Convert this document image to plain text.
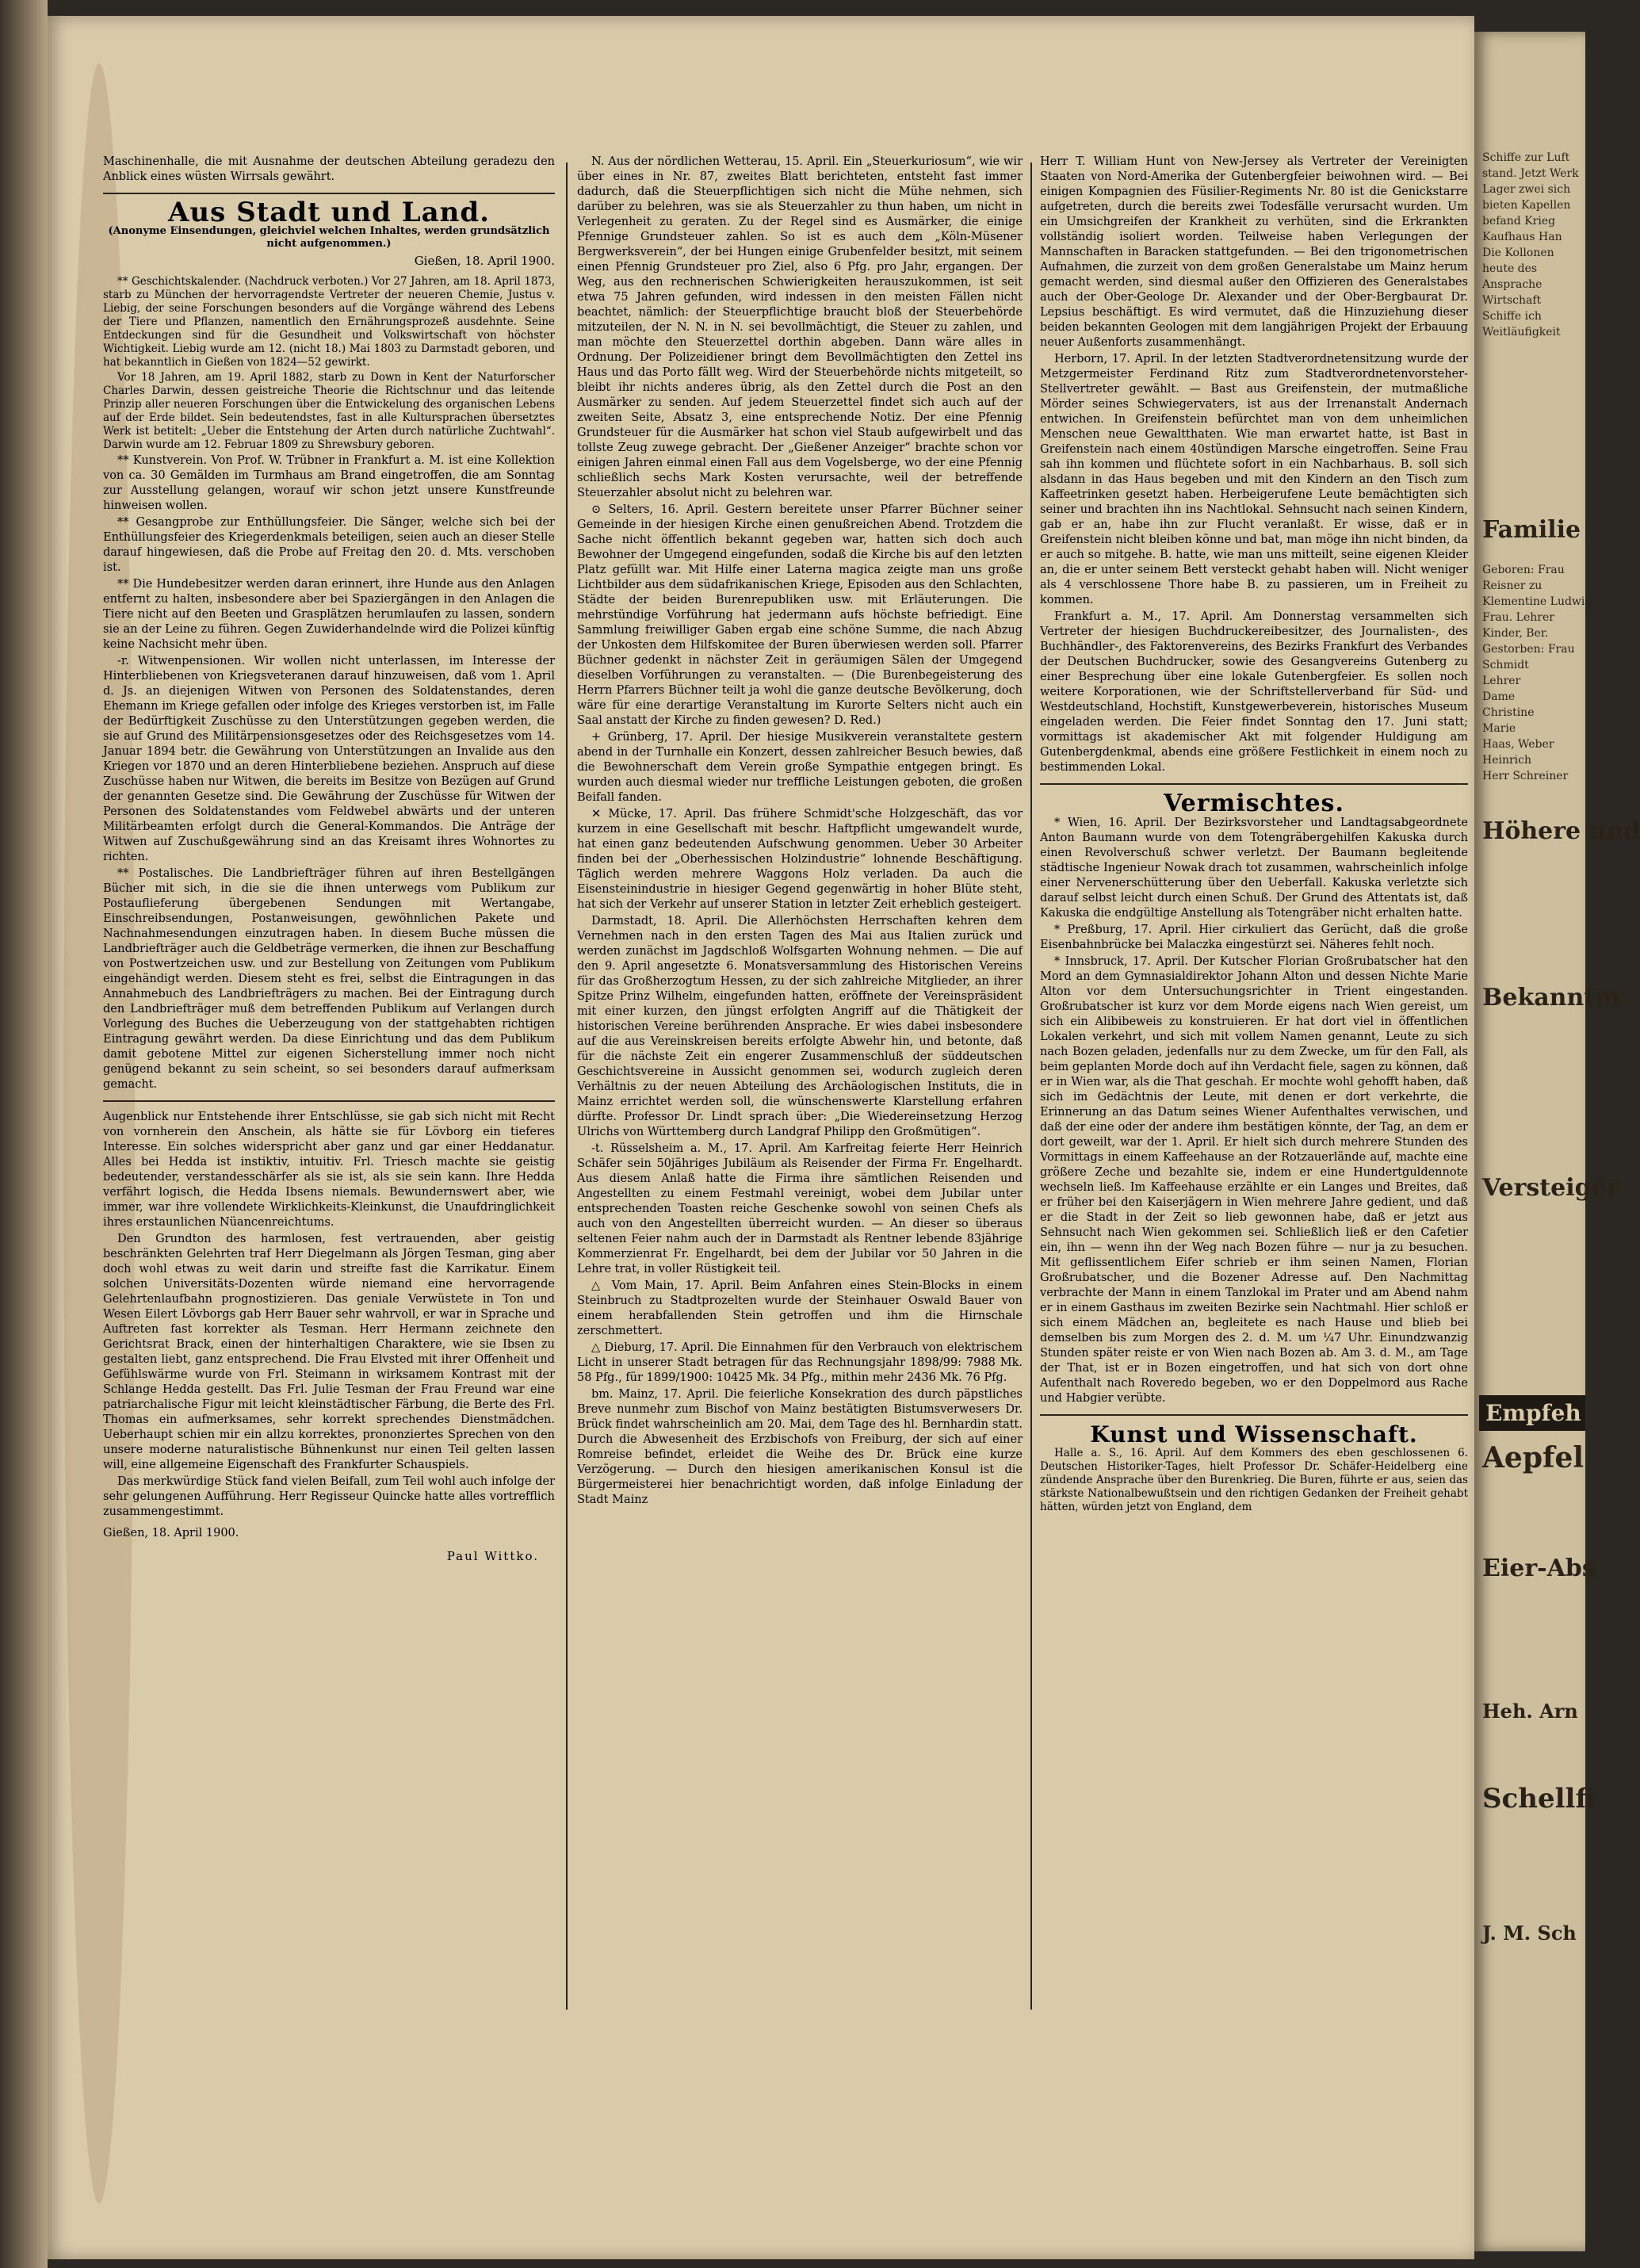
Maschinenhalle, die mit Ausnahme der deutschen Abteilung geradezu den Anblick eines wüsten Wirrsals gewährt.

Aus Stadt und Land.
(Anonyme Einsendungen, gleichviel welchen Inhaltes, werden grundsätzlich nicht aufgenommen.)
Gießen, 18. April 1900.

** Geschichtskalender. (Nachdruck verboten.) Vor 27 Jahren, am 18. April 1873, starb zu München der hervorragendste Vertreter der neueren Chemie, Justus v. Liebig, der seine Forschungen besonders auf die Vorgänge während des Lebens der Tiere und Pflanzen, namentlich den Ernährungsprozeß ausdehnte. Seine Entdeckungen sind für die Gesundheit und Volkswirtschaft von höchster Wichtigkeit. Liebig wurde am 12. (nicht 18.) Mai 1803 zu Darmstadt geboren, und hat bekanntlich in Gießen von 1824—52 gewirkt.

Vor 18 Jahren, am 19. April 1882, starb zu Down in Kent der Naturforscher Charles Darwin, dessen geistreiche Theorie die Richtschnur und das leitende Prinzip aller neueren Forschungen über die Entwickelung des organischen Lebens auf der Erde bildet. Sein bedeutendstes, fast in alle Kultursprachen übersetztes Werk ist betitelt: „Ueber die Entstehung der Arten durch natürliche Zuchtwahl“. Darwin wurde am 12. Februar 1809 zu Shrewsbury geboren.

** Kunstverein. Von Prof. W. Trübner in Frankfurt a. M. ist eine Kollektion von ca. 30 Gemälden im Turmhaus am Brand eingetroffen, die am Sonntag zur Ausstellung gelangen, worauf wir schon jetzt unsere Kunstfreunde hinweisen wollen.

** Gesangprobe zur Enthüllungsfeier. Die Sänger, welche sich bei der Enthüllungsfeier des Kriegerdenkmals beteiligen, seien auch an dieser Stelle darauf hingewiesen, daß die Probe auf Freitag den 20. d. Mts. verschoben ist.

** Die Hundebesitzer werden daran erinnert, ihre Hunde aus den Anlagen entfernt zu halten, insbesondere aber bei Spaziergängen in den Anlagen die Tiere nicht auf den Beeten und Grasplätzen herumlaufen zu lassen, sondern sie an der Leine zu führen. Gegen Zuwiderhandelnde wird die Polizei künftig keine Nachsicht mehr üben.

-r. Witwenpensionen. Wir wollen nicht unterlassen, im Interesse der Hinterbliebenen von Kriegsveteranen darauf hinzuweisen, daß vom 1. April d. Js. an diejenigen Witwen von Personen des Soldatenstandes, deren Ehemann im Kriege gefallen oder infolge des Krieges verstorben ist, im Falle der Bedürftigkeit Zuschüsse zu den Unterstützungen gegeben werden, die sie auf Grund des Militärpensionsgesetzes oder des Reichsgesetzes vom 14. Januar 1894 betr. die Gewährung von Unterstützungen an Invalide aus den Kriegen vor 1870 und an deren Hinterbliebene beziehen. Anspruch auf diese Zuschüsse haben nur Witwen, die bereits im Besitze von Bezügen auf Grund der genannten Gesetze sind. Die Gewährung der Zuschüsse für Witwen der Personen des Soldatenstandes vom Feldwebel abwärts und der unteren Militärbeamten erfolgt durch die General-Kommandos. Die Anträge der Witwen auf Zuschußgewährung sind an das Kreisamt ihres Wohnortes zu richten.

** Postalisches. Die Landbriefträger führen auf ihren Bestellgängen Bücher mit sich, in die sie die ihnen unterwegs vom Publikum zur Postauflieferung übergebenen Sendungen mit Wertangabe, Einschreibsendungen, Postanweisungen, gewöhnlichen Pakete und Nachnahmesendungen einzutragen haben. In diesem Buche müssen die Landbriefträger auch die Geldbeträge vermerken, die ihnen zur Beschaffung von Postwertzeichen usw. und zur Bestellung von Zeitungen vom Publikum eingehändigt werden. Diesem steht es frei, selbst die Eintragungen in das Annahmebuch des Landbriefträgers zu machen. Bei der Eintragung durch den Landbriefträger muß dem betreffenden Publikum auf Verlangen durch Vorlegung des Buches die Ueberzeugung von der stattgehabten richtigen Eintragung gewährt werden. Da diese Einrichtung und das dem Publikum damit gebotene Mittel zur eigenen Sicherstellung immer noch nicht genügend bekannt zu sein scheint, so sei besonders darauf aufmerksam gemacht.

Augenblick nur Entstehende ihrer Entschlüsse, sie gab sich nicht mit Recht von vornherein den Anschein, als hätte sie für Lövborg ein tieferes Interesse. Ein solches widerspricht aber ganz und gar einer Heddanatur. Alles bei Hedda ist instiktiv, intuitiv. Frl. Triesch machte sie geistig bedeutender, verstandesschärfer als sie ist, als sie sein kann. Ihre Hedda verfährt logisch, die Hedda Ibsens niemals. Bewundernswert aber, wie immer, war ihre vollendete Wirklichkeits-Kleinkunst, die Unaufdringlichkeit ihres erstaunlichen Nüancenreichtums.

Den Grundton des harmlosen, fest vertrauenden, aber geistig beschränkten Gelehrten traf Herr Diegelmann als Jörgen Tesman, ging aber doch wohl etwas zu weit darin und streifte fast die Karrikatur. Einem solchen Universitäts-Dozenten würde niemand eine hervorragende Gelehrtenlaufbahn prognostizieren. Das geniale Verwüstete in Ton und Wesen Eilert Lövborgs gab Herr Bauer sehr wahrvoll, er war in Sprache und Auftreten fast korrekter als Tesman. Herr Hermann zeichnete den Gerichtsrat Brack, einen der hinterhaltigen Charaktere, wie sie Ibsen zu gestalten liebt, ganz entsprechend. Die Frau Elvsted mit ihrer Offenheit und Gefühlswärme wurde von Frl. Steimann in wirksamem Kontrast mit der Schlange Hedda gestellt. Das Frl. Julie Tesman der Frau Freund war eine patriarchalische Figur mit leicht kleinstädtischer Färbung, die Berte des Frl. Thomas ein aufmerksames, sehr korrekt sprechendes Dienstmädchen. Ueberhaupt schien mir ein allzu korrektes, prononziertes Sprechen von den unsere moderne naturalistische Bühnenkunst nur einen Teil gelten lassen will, eine allgemeine Eigenschaft des Frankfurter Schauspiels.

Das merkwürdige Stück fand vielen Beifall, zum Teil wohl auch infolge der sehr gelungenen Aufführung. Herr Regisseur Quincke hatte alles vortrefflich zusammengestimmt.

Gießen, 18. April 1900.
Paul Wittko.

N. Aus der nördlichen Wetterau, 15. April. Ein „Steuerkuriosum“, wie wir über eines in Nr. 87, zweites Blatt berichteten, entsteht fast immer dadurch, daß die Steuerpflichtigen sich nicht die Mühe nehmen, sich darüber zu belehren, was sie als Steuerzahler zu thun haben, um nicht in Verlegenheit zu geraten. Zu der Regel sind es Ausmärker, die einige Pfennige Grundsteuer zahlen. So ist es auch dem „Köln-Müsener Bergwerksverein“, der bei Hungen einige Grubenfelder besitzt, mit seinem einen Pfennig Grundsteuer pro Ziel, also 6 Pfg. pro Jahr, ergangen. Der Weg, aus den rechnerischen Schwierigkeiten herauszukommen, ist seit etwa 75 Jahren gefunden, wird indessen in den meisten Fällen nicht beachtet, nämlich: der Steuerpflichtige braucht bloß der Steuerbehörde mitzuteilen, der N. N. in N. sei bevollmächtigt, die Steuer zu zahlen, und man möchte den Steuerzettel dorthin abgeben. Dann wäre alles in Ordnung. Der Polizeidiener bringt dem Bevollmächtigten den Zettel ins Haus und das Porto fällt weg. Wird der Steuerbehörde nichts mitgeteilt, so bleibt ihr nichts anderes übrig, als den Zettel durch die Post an den Ausmärker zu senden. Auf jedem Steuerzettel findet sich auch auf der zweiten Seite, Absatz 3, eine entsprechende Notiz. Der eine Pfennig Grundsteuer für die Ausmärker hat schon viel Staub aufgewirbelt und das tollste Zeug zuwege gebracht. Der „Gießener Anzeiger“ brachte schon vor einigen Jahren einmal einen Fall aus dem Vogelsberge, wo der eine Pfennig schließlich sechs Mark Kosten verursachte, weil der betreffende Steuerzahler absolut nicht zu belehren war.

⊙ Selters, 16. April. Gestern bereitete unser Pfarrer Büchner seiner Gemeinde in der hiesigen Kirche einen genußreichen Abend. Trotzdem die Sache nicht öffentlich bekannt gegeben war, hatten sich doch auch Bewohner der Umgegend eingefunden, sodaß die Kirche bis auf den letzten Platz gefüllt war. Mit Hilfe einer Laterna magica zeigte man uns große Lichtbilder aus dem südafrikanischen Kriege, Episoden aus den Schlachten, Städte der beiden Burenrepubliken usw. mit Erläuterungen. Die mehrstündige Vorführung hat jedermann aufs höchste befriedigt. Eine Sammlung freiwilliger Gaben ergab eine schöne Summe, die nach Abzug der Unkosten dem Hilfskomitee der Buren überwiesen werden soll. Pfarrer Büchner gedenkt in nächster Zeit in geräumigen Sälen der Umgegend dieselben Vorführungen zu veranstalten. — (Die Burenbegeisterung des Herrn Pfarrers Büchner teilt ja wohl die ganze deutsche Bevölkerung, doch wäre für eine derartige Veranstaltung im Kurorte Selters nicht auch ein Saal anstatt der Kirche zu finden gewesen? D. Red.)

+ Grünberg, 17. April. Der hiesige Musikverein veranstaltete gestern abend in der Turnhalle ein Konzert, dessen zahlreicher Besuch bewies, daß die Bewohnerschaft dem Verein große Sympathie entgegen bringt. Es wurden auch diesmal wieder nur treffliche Leistungen geboten, die großen Beifall fanden.

✕ Mücke, 17. April. Das frühere Schmidt'sche Holzgeschäft, das vor kurzem in eine Gesellschaft mit beschr. Haftpflicht umgewandelt wurde, hat einen ganz bedeutenden Aufschwung genommen. Ueber 30 Arbeiter finden bei der „Oberhessischen Holzindustrie“ lohnende Beschäftigung. Täglich werden mehrere Waggons Holz verladen. Da auch die Eisensteinindustrie in hiesiger Gegend gegenwärtig in hoher Blüte steht, hat sich der Verkehr auf unserer Station in letzter Zeit erheblich gesteigert.

Darmstadt, 18. April. Die Allerhöchsten Herrschaften kehren dem Vernehmen nach in den ersten Tagen des Mai aus Italien zurück und werden zunächst im Jagdschloß Wolfsgarten Wohnung nehmen. — Die auf den 9. April angesetzte 6. Monatsversammlung des Historischen Vereins für das Großherzogtum Hessen, zu der sich zahlreiche Mitglieder, an ihrer Spitze Prinz Wilhelm, eingefunden hatten, eröffnete der Vereinspräsident mit einer kurzen, den jüngst erfolgten Angriff auf die Thätigkeit der historischen Vereine berührenden Ansprache. Er wies dabei insbesondere auf die aus Vereinskreisen bereits erfolgte Abwehr hin, und betonte, daß für die nächste Zeit ein engerer Zusammenschluß der süddeutschen Geschichtsvereine in Aussicht genommen sei, wodurch zugleich deren Verhältnis zu der neuen Abteilung des Archäologischen Instituts, die in Mainz errichtet werden soll, die wünschenswerte Klarstellung erfahren dürfte. Professor Dr. Lindt sprach über: „Die Wiedereinsetzung Herzog Ulrichs von Württemberg durch Landgraf Philipp den Großmütigen“.

-t. Rüsselsheim a. M., 17. April. Am Karfreitag feierte Herr Heinrich Schäfer sein 50jähriges Jubiläum als Reisender der Firma Fr. Engelhardt. Aus diesem Anlaß hatte die Firma ihre sämtlichen Reisenden und Angestellten zu einem Festmahl vereinigt, wobei dem Jubilar unter entsprechenden Toasten reiche Geschenke sowohl von seinen Chefs als auch von den Angestellten überreicht wurden. — An dieser so überaus seltenen Feier nahm auch der in Darmstadt als Rentner lebende 83jährige Kommerzienrat Fr. Engelhardt, bei dem der Jubilar vor 50 Jahren in die Lehre trat, in voller Rüstigkeit teil.

△ Vom Main, 17. April. Beim Anfahren eines Stein-Blocks in einem Steinbruch zu Stadtprozelten wurde der Steinhauer Oswald Bauer von einem herabfallenden Stein getroffen und ihm die Hirnschale zerschmettert.

△ Dieburg, 17. April. Die Einnahmen für den Verbrauch von elektrischem Licht in unserer Stadt betragen für das Rechnungsjahr 1898/99: 7988 Mk. 58 Pfg., für 1899/1900: 10425 Mk. 34 Pfg., mithin mehr 2436 Mk. 76 Pfg.

bm. Mainz, 17. April. Die feierliche Konsekration des durch päpstliches Breve nunmehr zum Bischof von Mainz bestätigten Bistumsverwesers Dr. Brück findet wahrscheinlich am 20. Mai, dem Tage des hl. Bernhardin statt. Durch die Abwesenheit des Erzbischofs von Freiburg, der sich auf einer Romreise befindet, erleidet die Weihe des Dr. Brück eine kurze Verzögerung. — Durch den hiesigen amerikanischen Konsul ist die Bürgermeisterei hier benachrichtigt worden, daß infolge Einladung der Stadt Mainz

Herr T. William Hunt von New-Jersey als Vertreter der Vereinigten Staaten von Nord-Amerika der Gutenbergfeier beiwohnen wird. — Bei einigen Kompagnien des Füsilier-Regiments Nr. 80 ist die Genickstarre aufgetreten, durch die bereits zwei Todesfälle verursacht wurden. Um ein Umsichgreifen der Krankheit zu verhüten, sind die Erkrankten vollständig isoliert worden. Teilweise haben Verlegungen der Mannschaften in Baracken stattgefunden. — Bei den trigonometrischen Aufnahmen, die zurzeit von dem großen Generalstabe um Mainz herum gemacht werden, sind diesmal außer den Offizieren des Generalstabes auch der Ober-Geologe Dr. Alexander und der Ober-Bergbaurat Dr. Lepsius beschäftigt. Es wird vermutet, daß die Hinzuziehung dieser beiden bekannten Geologen mit dem langjährigen Projekt der Erbauung neuer Außenforts zusammenhängt.

Herborn, 17. April. In der letzten Stadtverordnetensitzung wurde der Metzgermeister Ferdinand Ritz zum Stadtverordnetenvorsteher-Stellvertreter gewählt. — Bast aus Greifenstein, der mutmaßliche Mörder seines Schwiegervaters, ist aus der Irrenanstalt Andernach entwichen. In Greifenstein befürchtet man von dem unheimlichen Menschen neue Gewaltthaten. Wie man erwartet hatte, ist Bast in Greifenstein nach einem 40stündigen Marsche eingetroffen. Seine Frau sah ihn kommen und flüchtete sofort in ein Nachbarhaus. B. soll sich alsdann in das Haus begeben und mit den Kindern an den Tisch zum Kaffeetrinken gesetzt haben. Herbeigerufene Leute bemächtigten sich seiner und brachten ihn ins Nachtlokal. Sehnsucht nach seinen Kindern, gab er an, habe ihn zur Flucht veranlaßt. Er wisse, daß er in Greifenstein nicht bleiben könne und bat, man möge ihn nicht binden, da er auch so mitgehe. B. hatte, wie man uns mitteilt, seine eigenen Kleider an, die er unter seinem Bett versteckt gehabt haben will. Nicht weniger als 4 verschlossene Thore habe B. zu passieren, um in Freiheit zu kommen.

Frankfurt a. M., 17. April. Am Donnerstag versammelten sich Vertreter der hiesigen Buchdruckereibesitzer, des Journalisten-, des Buchhändler-, des Faktorenvereins, des Bezirks Frankfurt des Verbandes der Deutschen Buchdrucker, sowie des Gesangvereins Gutenberg zu einer Besprechung über eine lokale Gutenbergfeier. Es sollen noch weitere Korporationen, wie der Schriftstellerverband für Süd- und Westdeutschland, Hochstift, Kunstgewerbeverein, historisches Museum eingeladen werden. Die Feier findet Sonntag den 17. Juni statt; vormittags ist akademischer Akt mit folgender Huldigung am Gutenbergdenkmal, abends eine größere Festlichkeit in einem noch zu bestimmenden Lokal.

Vermischtes.

* Wien, 16. April. Der Bezirksvorsteher und Landtagsabgeordnete Anton Baumann wurde von dem Totengräbergehilfen Kakuska durch einen Revolverschuß schwer verletzt. Der Baumann begleitende städtische Ingenieur Nowak drach tot zusammen, wahrscheinlich infolge einer Nervenerschütterung über den Ueberfall. Kakuska verletzte sich darauf selbst leicht durch einen Schuß. Der Grund des Attentats ist, daß Kakuska die endgültige Anstellung als Totengräber nicht erhalten hatte.

* Preßburg, 17. April. Hier cirkuliert das Gerücht, daß die große Eisenbahnbrücke bei Malaczka eingestürzt sei. Näheres fehlt noch.

* Innsbruck, 17. April. Der Kutscher Florian Großrubatscher hat den Mord an dem Gymnasialdirektor Johann Alton und dessen Nichte Marie Alton vor dem Untersuchungsrichter in Trient eingestanden. Großrubatscher ist kurz vor dem Morde eigens nach Wien gereist, um sich ein Alibibeweis zu konstruieren. Er hat dort viel in öffentlichen Lokalen verkehrt, und sich mit vollem Namen genannt, Leute zu sich nach Bozen geladen, jedenfalls nur zu dem Zwecke, um für den Fall, als beim geplanten Morde doch auf ihn Verdacht fiele, sagen zu können, daß er in Wien war, als die That geschah. Er mochte wohl gehofft haben, daß sich im Gedächtnis der Leute, mit denen er dort verkehrte, die Erinnerung an das Datum seines Wiener Aufenthaltes verwischen, und daß der eine oder der andere ihm bestätigen könnte, der Tag, an dem er dort geweilt, war der 1. April. Er hielt sich durch mehrere Stunden des Vormittags in einem Kaffeehause an der Rotzauerlände auf, machte eine größere Zeche und bezahlte sie, indem er eine Hundertguldennote wechseln ließ. Im Kaffeehause erzählte er ein Langes und Breites, daß er früher bei den Kaiserjägern in Wien mehrere Jahre gedient, und daß er die Stadt in der Zeit so lieb gewonnen habe, daß er jetzt aus Sehnsucht nach Wien gekommen sei. Schließlich ließ er den Cafetier ein, ihn — wenn ihn der Weg nach Bozen führe — nur ja zu besuchen. Mit geflissentlichem Eifer schrieb er ihm seinen Namen, Florian Großrubatscher, und die Bozener Adresse auf. Den Nachmittag verbrachte der Mann in einem Tanzlokal im Prater und am Abend nahm er in einem Gasthaus im zweiten Bezirke sein Nachtmahl. Hier schloß er sich einem Mädchen an, begleitete es nach Hause und blieb bei demselben bis zum Morgen des 2. d. M. um ¼7 Uhr. Einundzwanzig Stunden später reiste er von Wien nach Bozen ab. Am 3. d. M., am Tage der That, ist er in Bozen eingetroffen, und hat sich von dort ohne Aufenthalt nach Roveredo begeben, wo er den Doppelmord aus Rache und Habgier verübte.

Kunst und Wissenschaft.

Halle a. S., 16. April. Auf dem Kommers des eben geschlossenen 6. Deutschen Historiker-Tages, hielt Professor Dr. Schäfer-Heidelberg eine zündende Ansprache über den Burenkrieg. Die Buren, führte er aus, seien das stärkste Nationalbewußtsein und den richtigen Gedanken der Freiheit gehabt hätten, würden jetzt von England, dem

Schiffe zur Luft
stand. Jetzt Werk
Lager zwei sich
bieten Kapellen
befand Krieg
Kaufhaus Han
Die Kollonen
heute des
Ansprache
Wirtschaft
Schiffe ich
Weitläufigkeit
Familie
Geboren: Frau
Reisner zu
Klementine Ludwig
Frau. Lehrer
Kinder, Ber.
Gestorben: Frau
Schmidt
Lehrer
Dame
Christine
Marie
Haas, Weber
Heinrich
Herr Schreiner
Höhere und
Bekanntm
Versteiger
Empfeh
Aepfel
Eier-Abs
Heh. Arn
Schellfi
J. M. Sch
